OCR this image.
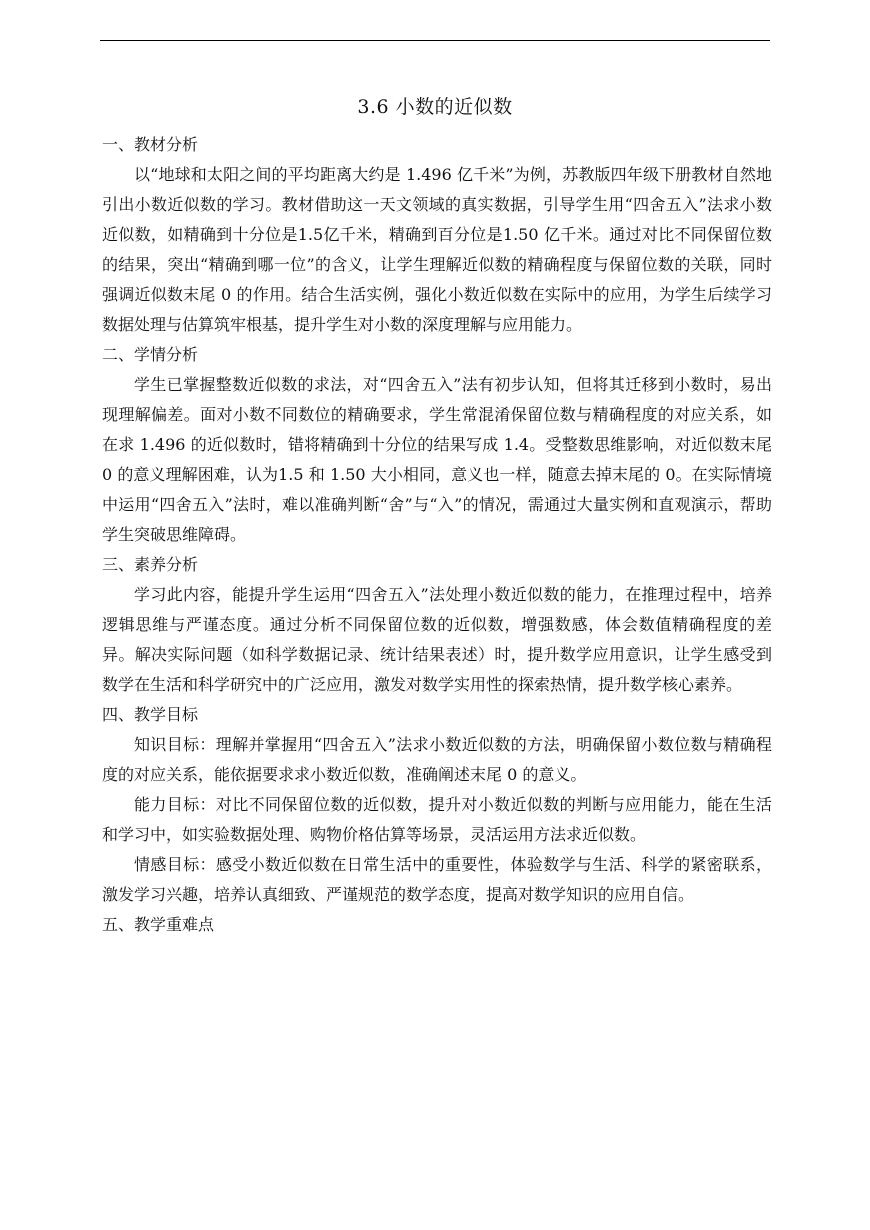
3.6 小数的近似数

一、教材分析

以“地球和太阳之间的平均距离大约是 1.496 亿千米”为例，苏教版四年级下册教材自然地引出小数近似数的学习。教材借助这一天文领域的真实数据，引导学生用“四舍五入”法求小数近似数，如精确到十分位是1.5亿千米，精确到百分位是1.50 亿千米。通过对比不同保留位数的结果，突出“精确到哪一位”的含义，让学生理解近似数的精确程度与保留位数的关联，同时强调近似数末尾 0 的作用。结合生活实例，强化小数近似数在实际中的应用，为学生后续学习数据处理与估算筑牢根基，提升学生对小数的深度理解与应用能力。

二、学情分析

学生已掌握整数近似数的求法，对“四舍五入”法有初步认知，但将其迁移到小数时，易出现理解偏差。面对小数不同数位的精确要求，学生常混淆保留位数与精确程度的对应关系，如在求 1.496 的近似数时，错将精确到十分位的结果写成 1.4。受整数思维影响，对近似数末尾 0 的意义理解困难，认为1.5 和 1.50 大小相同，意义也一样，随意去掉末尾的 0。在实际情境中运用“四舍五入”法时，难以准确判断“舍”与“入”的情况，需通过大量实例和直观演示，帮助学生突破思维障碍。

三、素养分析

学习此内容，能提升学生运用“四舍五入”法处理小数近似数的能力，在推理过程中，培养逻辑思维与严谨态度。通过分析不同保留位数的近似数，增强数感，体会数值精确程度的差异。解决实际问题（如科学数据记录、统计结果表述）时，提升数学应用意识，让学生感受到数学在生活和科学研究中的广泛应用，激发对数学实用性的探索热情，提升数学核心素养。

四、教学目标

知识目标：理解并掌握用“四舍五入”法求小数近似数的方法，明确保留小数位数与精确程度的对应关系，能依据要求求小数近似数，准确阐述末尾 0 的意义。

能力目标：对比不同保留位数的近似数，提升对小数近似数的判断与应用能力，能在生活和学习中，如实验数据处理、购物价格估算等场景，灵活运用方法求近似数。

情感目标：感受小数近似数在日常生活中的重要性，体验数学与生活、科学的紧密联系，激发学习兴趣，培养认真细致、严谨规范的数学态度，提高对数学知识的应用自信。

五、教学重难点
